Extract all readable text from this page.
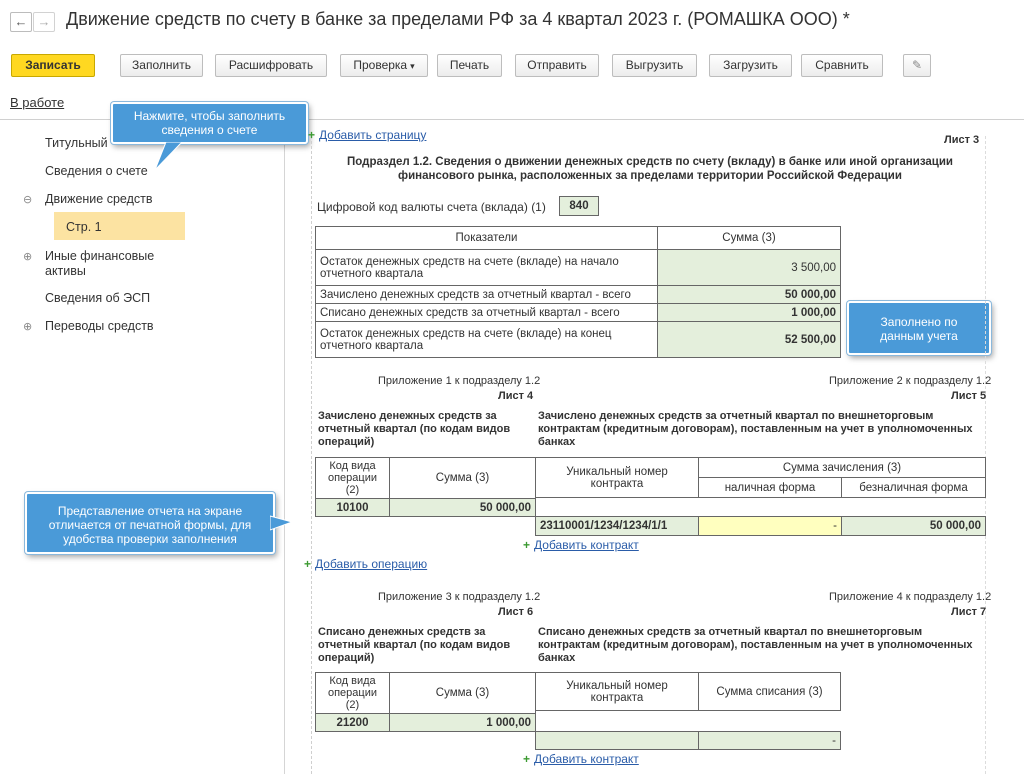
← → Движение средств по счету в банке за пределами РФ за 4 квартал 2023 г. (РОМАШКА ООО) *
Записать	Заполнить	Расшифровать	Проверка ▾	Печать	Отправить	Выгрузить	Загрузить	Сравнить	✎
В работе
Титульный
Сведения о счете
⊖ Движение средств
Стр. 1
⊕ Иные финансовые
активы
Сведения об ЭСП
⊕ Переводы средств
Нажмите, чтобы заполнить
сведения о счете
Заполнено по
данным учета
Представление отчета на экране
отличается от печатной формы, для
удобства проверки заполнения
+ Добавить страницу	Лист 3
Подраздел 1.2. Сведения о движении денежных средств по счету (вкладу) в банке или иной организации
финансового рынка, расположенных за пределами территории Российской Федерации
Цифровой код валюты счета (вклада) (1)	840
Показатели	Сумма (3)

Остаток денежных средств на счете (вкладе) на начало
отчетного квартала	3 500,00
Зачислено денежных средств за отчетный квартал - всего	50 000,00
Списано денежных средств за отчетный квартал - всего	1 000,00

Остаток денежных средств на счете (вкладе) на конец
отчетного квартала	52 500,00
Приложение 1 к подразделу 1.2
Лист 4
Приложение 2 к подразделу 1.2
Лист 5
Зачислено денежных средств за
отчетный квартал (по кодам видов
операций)
Зачислено денежных средств за отчетный квартал по внешнеторговым
контрактам (кредитным договорам), поставленным на учет в уполномоченных
банках
Код вида
операции (2)	Сумма (3)
10100	50 000,00
Уникальный номер контракта	Сумма зачисления (3)	
	наличная форма	безналичная форма
23110001/1234/1234/1/1	-	50 000,00
+ Добавить контракт
+ Добавить операцию
Приложение 3 к подразделу 1.2
Лист 6
Приложение 4 к подразделу 1.2
Лист 7
Списано денежных средств за
отчетный квартал (по кодам видов
операций)
Списано денежных средств за отчетный квартал по внешнеторговым
контрактам (кредитным договорам), поставленным на учет в уполномоченных
банках
Код вида
операции (2)	Сумма (3)
21200	1 000,00
Уникальный номер контракта	Сумма списания (3)
	-
+ Добавить контракт
